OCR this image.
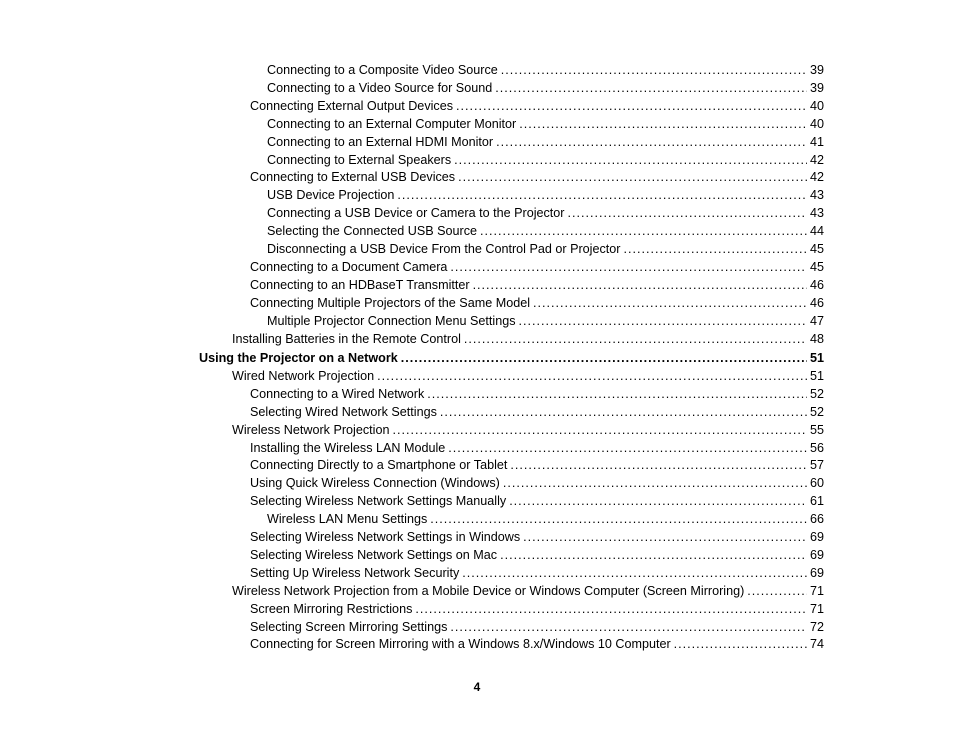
Connecting to a Composite Video Source .....	39
Connecting to a Video Source for Sound .....	39
Connecting External Output Devices .....	40
Connecting to an External Computer Monitor .....	40
Connecting to an External HDMI Monitor .....	41
Connecting to External Speakers .....	42
Connecting to External USB Devices .....	42
USB Device Projection .....	43
Connecting a USB Device or Camera to the Projector .....	43
Selecting the Connected USB Source .....	44
Disconnecting a USB Device From the Control Pad or Projector .....	45
Connecting to a Document Camera .....	45
Connecting to an HDBaseT Transmitter .....	46
Connecting Multiple Projectors of the Same Model .....	46
Multiple Projector Connection Menu Settings .....	47
Installing Batteries in the Remote Control .....	48
Using the Projector on a Network .....	51
Wired Network Projection .....	51
Connecting to a Wired Network .....	52
Selecting Wired Network Settings .....	52
Wireless Network Projection .....	55
Installing the Wireless LAN Module .....	56
Connecting Directly to a Smartphone or Tablet .....	57
Using Quick Wireless Connection (Windows) .....	60
Selecting Wireless Network Settings Manually .....	61
Wireless LAN Menu Settings .....	66
Selecting Wireless Network Settings in Windows .....	69
Selecting Wireless Network Settings on Mac .....	69
Setting Up Wireless Network Security .....	69
Wireless Network Projection from a Mobile Device or Windows Computer (Screen Mirroring) .....	71
Screen Mirroring Restrictions .....	71
Selecting Screen Mirroring Settings .....	72
Connecting for Screen Mirroring with a Windows 8.x/Windows 10 Computer .....	74
4
